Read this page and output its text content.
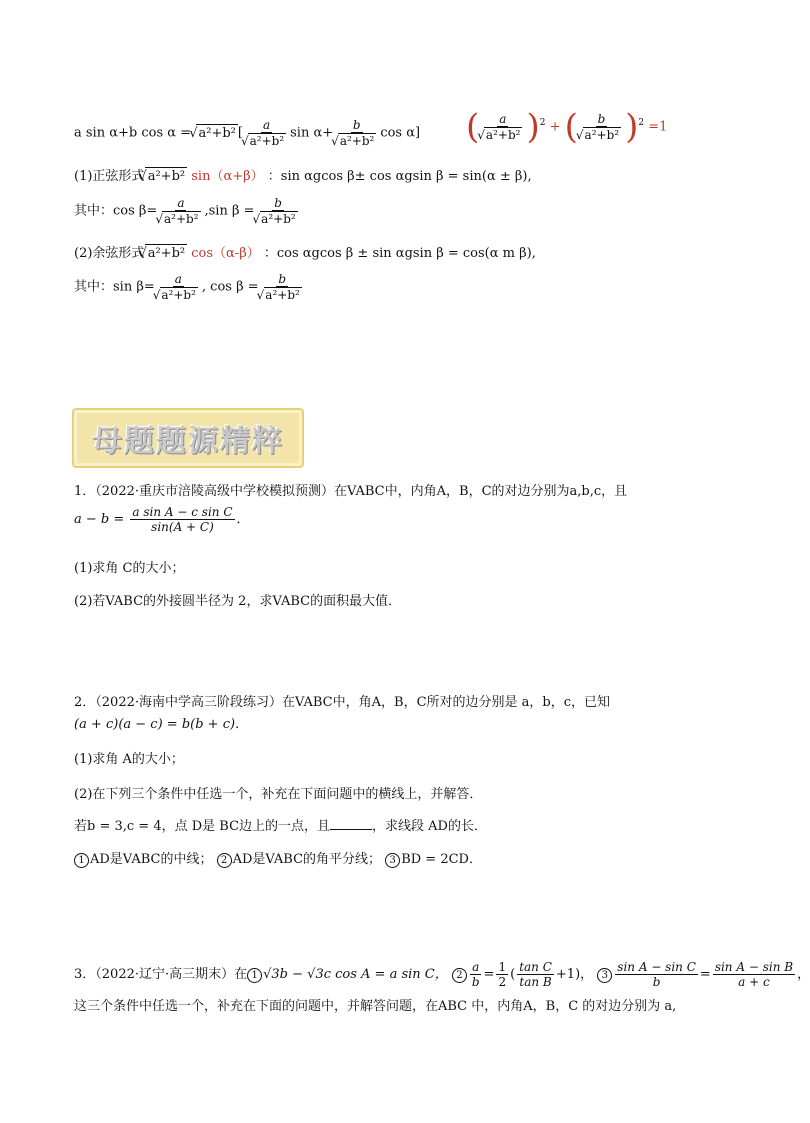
a sin α+b cos α = √ a²+b² [ a
√ a²+b² sin α+ b
√ a²+b² cos α] ( a
√ a²+b² )$^2$ + ( b
√ a²+b² )$^2$ =1
(1)正弦形式 √ a²+b² sin（α+β） ：sin αgcos β± cos αgsin β = sin(α ± β),
其中：cos β= a
√ a²+b² ,sin β = b
√ a²+b²
(2)余弦形式 √ a²+b² cos（α-β） ：cos αgcos β ± sin αgsin β = cos(α m β),
其中：sin β= a
√ a²+b² , cos β = b
√ a²+b²
母题题源精粹
1．（2022·重庆市涪陵高级中学校模拟预测）在VABC中，内角A，B，C的对边分别为a,b,c，且
$a - b = \frac{\text{a sin A − c sin C}}{\sin(A + C)}$ ．
(1)求角 C的大小；
(2)若VABC的外接圆半径为 2，求VABC的面积最大值．
2．（2022·海南中学高三阶段练习）在VABC中，角A，B，C所对的边分别是 a，b，c，已知
(a + c)(a − c) = b(b + c)．
(1)求角 A的大小；
(2)在下列三个条件中任选一个，补充在下面问题中的横线上，并解答．
若b = 3,c = 4，点 D是 BC边上的一点，且	，求线段 AD的长．
1 AD是VABC的中线； 2 AD是VABC的角平分线； 3 BD = 2CD．
3．（2022·辽宁·高三期末）在 1 √3b − √3c cos A = a sin C， $2 \frac{a}{b} = \frac{1}{2}$ ( $\frac{\text{tan C}}{\text{tan B}} +1$)， $3 \frac{\text{sin A − sin C}}{b} = \frac{\text{sin A − sin B}}{a + c}$ ，
这三个条件中任选一个，补充在下面的问题中，并解答问题，在ABC 中，内角A，B，C 的对边分别为 a,
